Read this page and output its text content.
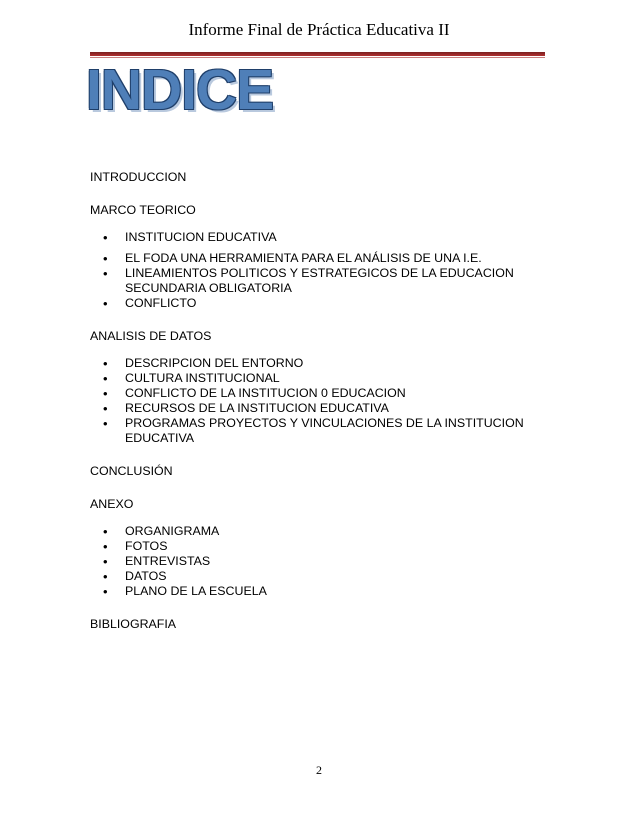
Informe Final de Práctica Educativa II
INDICE
INTRODUCCION
MARCO TEORICO
• INSTITUCION EDUCATIVA
• EL FODA UNA HERRAMIENTA PARA EL ANÁLISIS DE UNA I.E.
• LINEAMIENTOS POLITICOS Y ESTRATEGICOS DE LA EDUCACION SECUNDARIA OBLIGATORIA
• CONFLICTO
ANALISIS DE DATOS
• DESCRIPCION DEL ENTORNO
• CULTURA INSTITUCIONAL
• CONFLICTO DE LA INSTITUCION 0 EDUCACION
• RECURSOS DE LA INSTITUCION EDUCATIVA
• PROGRAMAS PROYECTOS Y VINCULACIONES DE LA INSTITUCION EDUCATIVA
CONCLUSIÓN
ANEXO
• ORGANIGRAMA
• FOTOS
• ENTREVISTAS
• DATOS
• PLANO DE LA ESCUELA
BIBLIOGRAFIA
2
